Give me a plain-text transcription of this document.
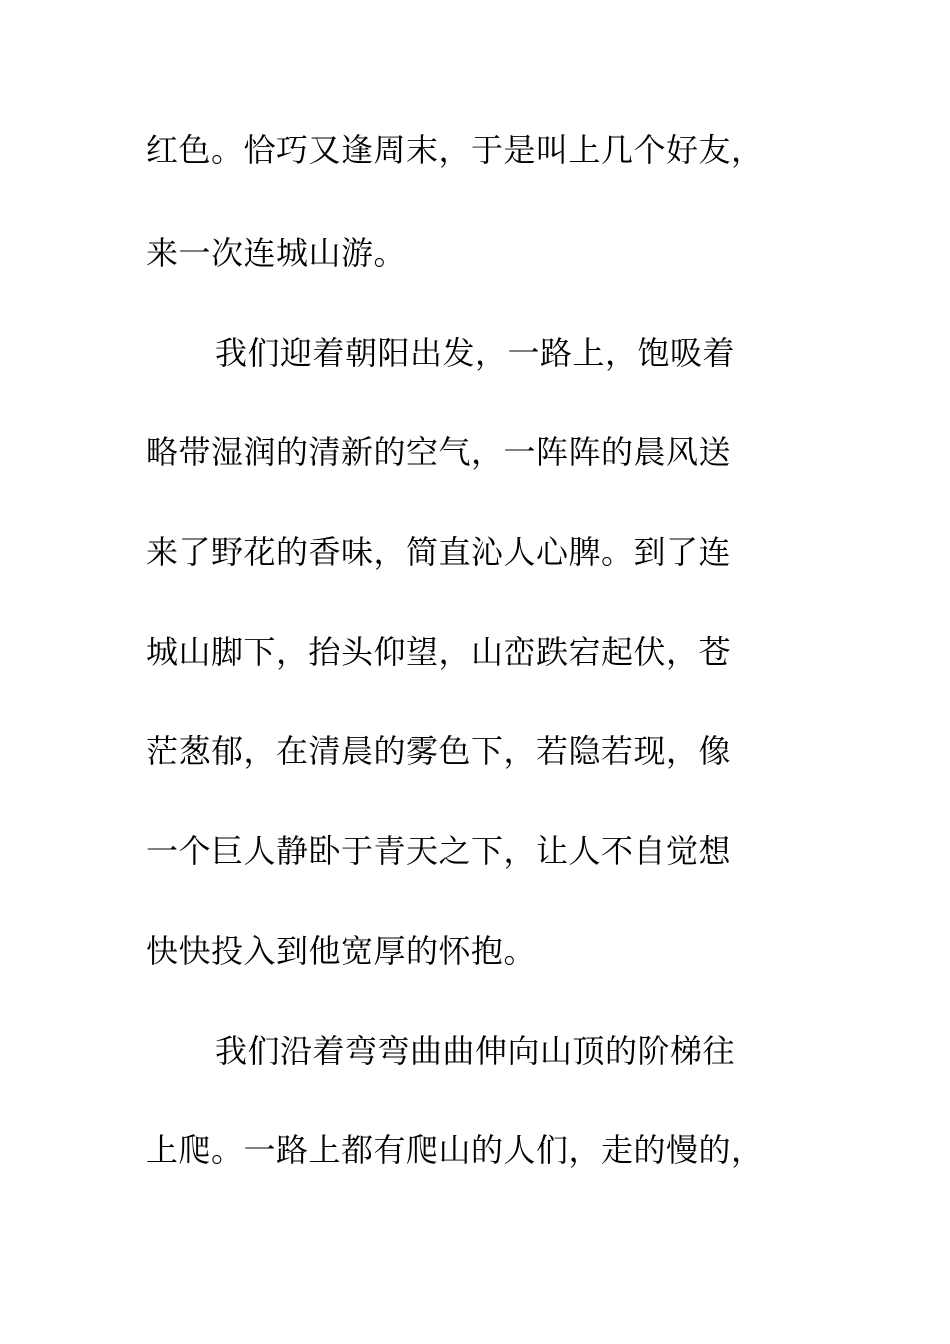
红色。恰巧又逢周末，于是叫上几个好友，
来一次连城山游。
我们迎着朝阳出发，一路上，饱吸着
略带湿润的清新的空气，一阵阵的晨风送
来了野花的香味，简直沁人心脾。到了连
城山脚下，抬头仰望，山峦跌宕起伏，苍
茫葱郁，在清晨的雾色下，若隐若现，像
一个巨人静卧于青天之下，让人不自觉想
快快投入到他宽厚的怀抱。
我们沿着弯弯曲曲伸向山顶的阶梯往
上爬。一路上都有爬山的人们，走的慢的，
